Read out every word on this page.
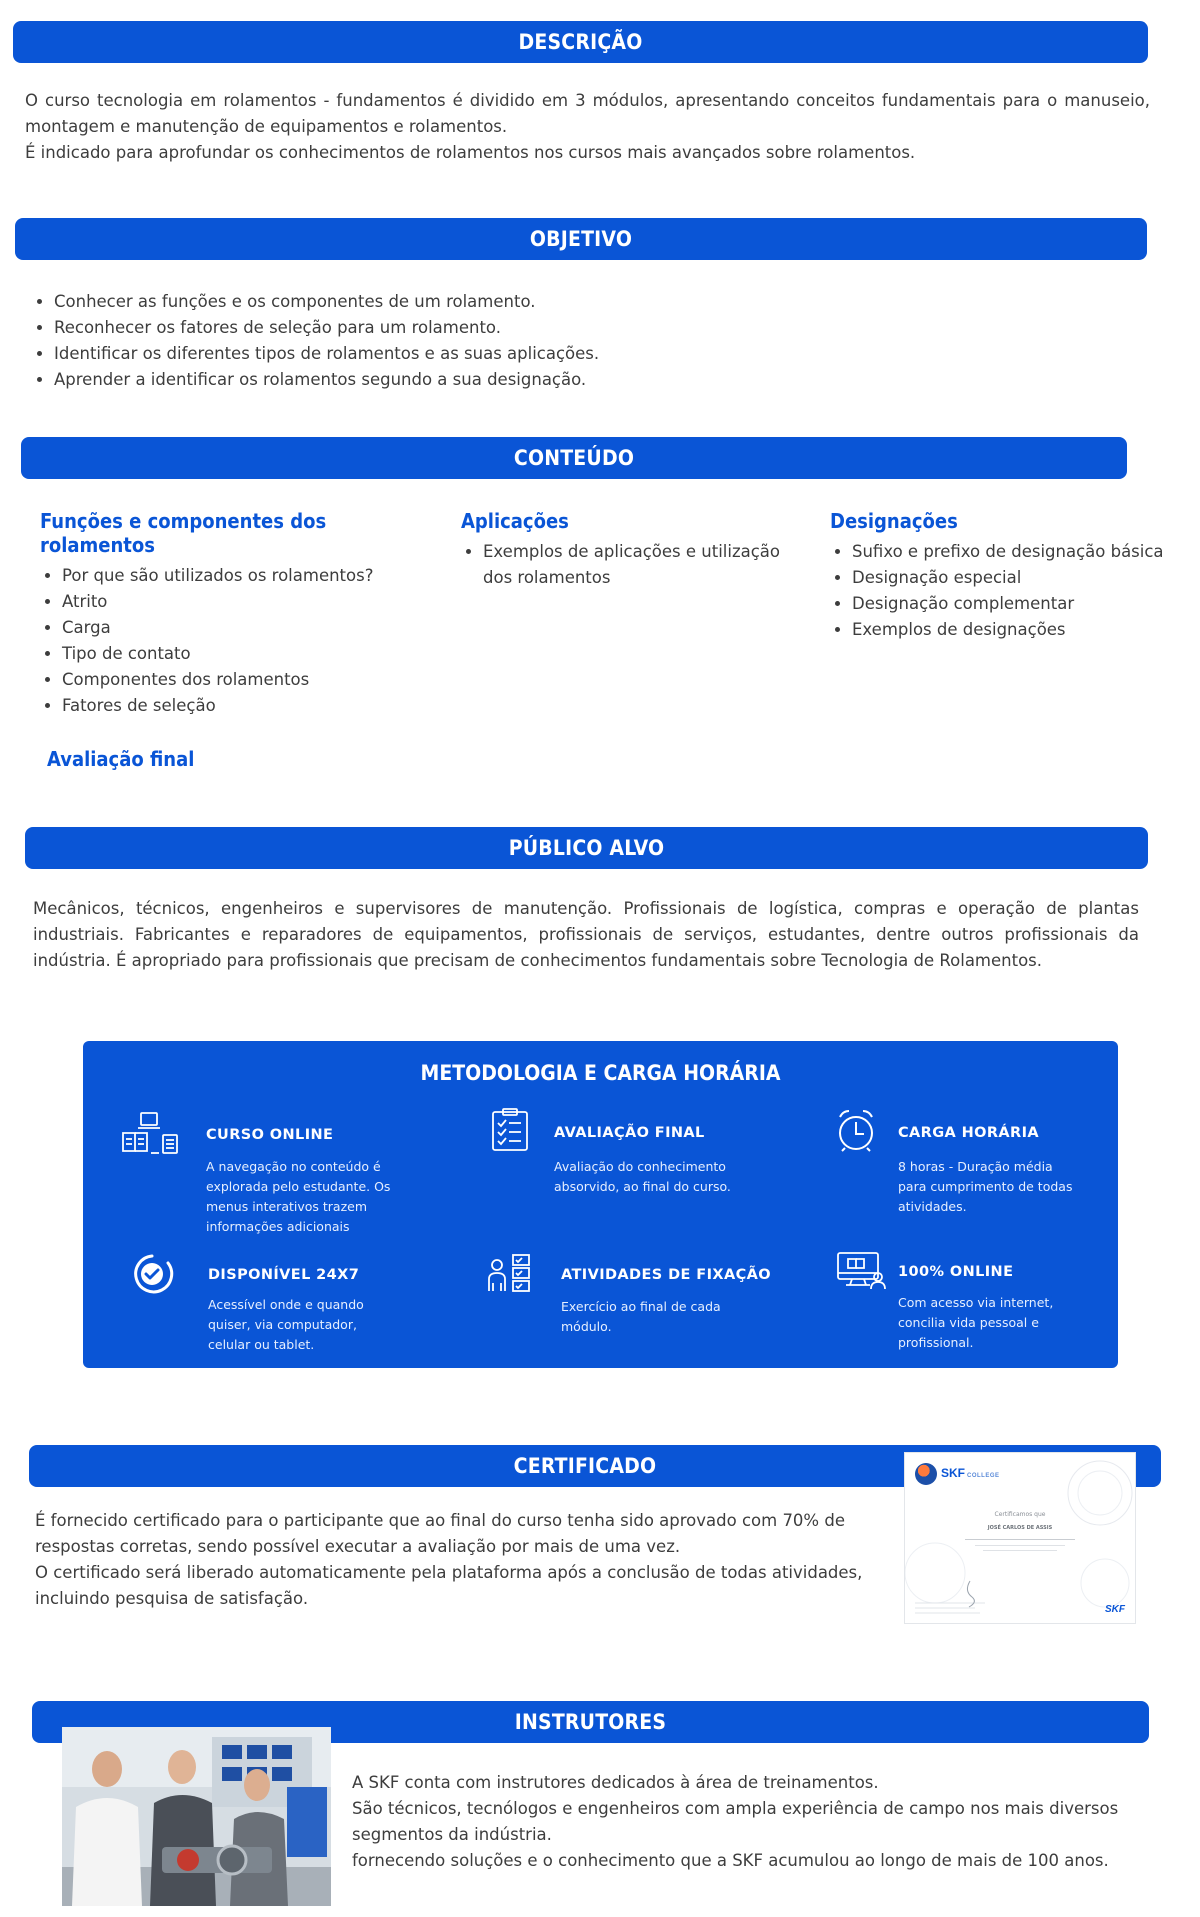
DESCRIÇÃO

O curso tecnologia em rolamentos - fundamentos é dividido em 3 módulos, apresentando conceitos fundamentais para o manuseio, montagem e manutenção de equipamentos e rolamentos.

É indicado para aprofundar os conhecimentos de rolamentos nos cursos mais avançados sobre rolamentos.

OBJETIVO
• Conhecer as funções e os componentes de um rolamento.
• Reconhecer os fatores de seleção para um rolamento.
• Identificar os diferentes tipos de rolamentos e as suas aplicações.
• Aprender a identificar os rolamentos segundo a sua designação.
CONTEÚDO
Funções e componentes dos rolamentos
• Por que são utilizados os rolamentos?
• Atrito
• Carga
• Tipo de contato
• Componentes dos rolamentos
• Fatores de seleção
Aplicações
• Exemplos de aplicações e utilização dos rolamentos
Designações
• Sufixo e prefixo de designação básica
• Designação especial
• Designação complementar
• Exemplos de designações
Avaliação final
PÚBLICO ALVO
Mecânicos, técnicos, engenheiros e supervisores de manutenção. Profissionais de logística, compras e operação de plantas industriais. Fabricantes e reparadores de equipamentos, profissionais de serviços, estudantes, dentre outros profissionais da indústria. É apropriado para profissionais que precisam de conhecimentos fundamentais sobre Tecnologia de Rolamentos.
METODOLOGIA E CARGA HORÁRIA
CURSO ONLINE
A navegação no conteúdo é explorada pelo estudante. Os menus interativos trazem informações adicionais
AVALIAÇÃO FINAL
Avaliação do conhecimento absorvido, ao final do curso.
CARGA HORÁRIA
8 horas - Duração média para cumprimento de todas atividades.
DISPONÍVEL 24X7
Acessível onde e quando quiser, via computador, celular ou tablet.
ATIVIDADES DE FIXAÇÃO
Exercício ao final de cada módulo.
100% ONLINE
Com acesso via internet, concilia vida pessoal e profissional.
CERTIFICADO

É fornecido certificado para o participante que ao final do curso tenha sido aprovado com 70% de respostas corretas, sendo possível executar a avaliação por mais de uma vez.

O certificado será liberado automaticamente pela plataforma após a conclusão de todas atividades, incluindo pesquisa de satisfação.

SKF COLLEGE
Certificamos que
JOSÉ CARLOS DE ASSIS
SKF
INSTRUTORES

A SKF conta com instrutores dedicados à área de treinamentos.

São técnicos, tecnólogos e engenheiros com ampla experiência de campo nos mais diversos segmentos da indústria.

fornecendo soluções e o conhecimento que a SKF acumulou ao longo de mais de 100 anos.
